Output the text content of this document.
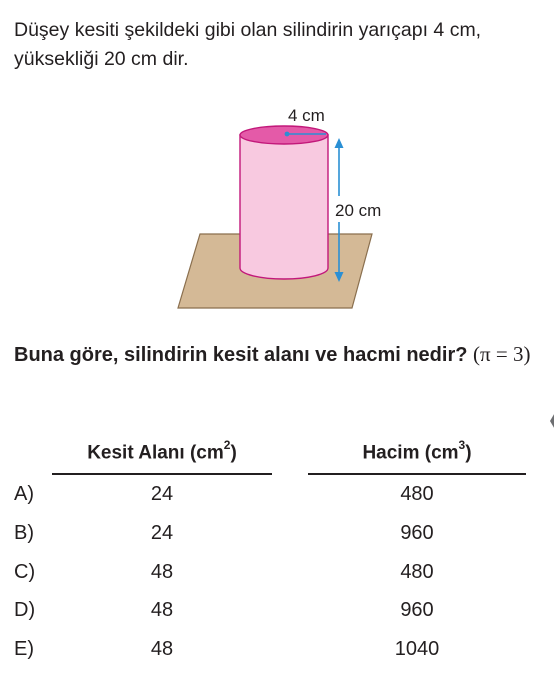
Düşey kesiti şekildeki gibi olan silindirin yarıçapı 4 cm, yüksekliği 20 cm dir.

4 cm
20 cm

Buna göre, silindirin kesit alanı ve hacmi nedir? (π = 3)

Kesit Alanı $(cm^2)$	Hacim $(cm^3)$
A)	24	480
B)	24	960
C)	48	480
D)	48	960
E)	48	1040
